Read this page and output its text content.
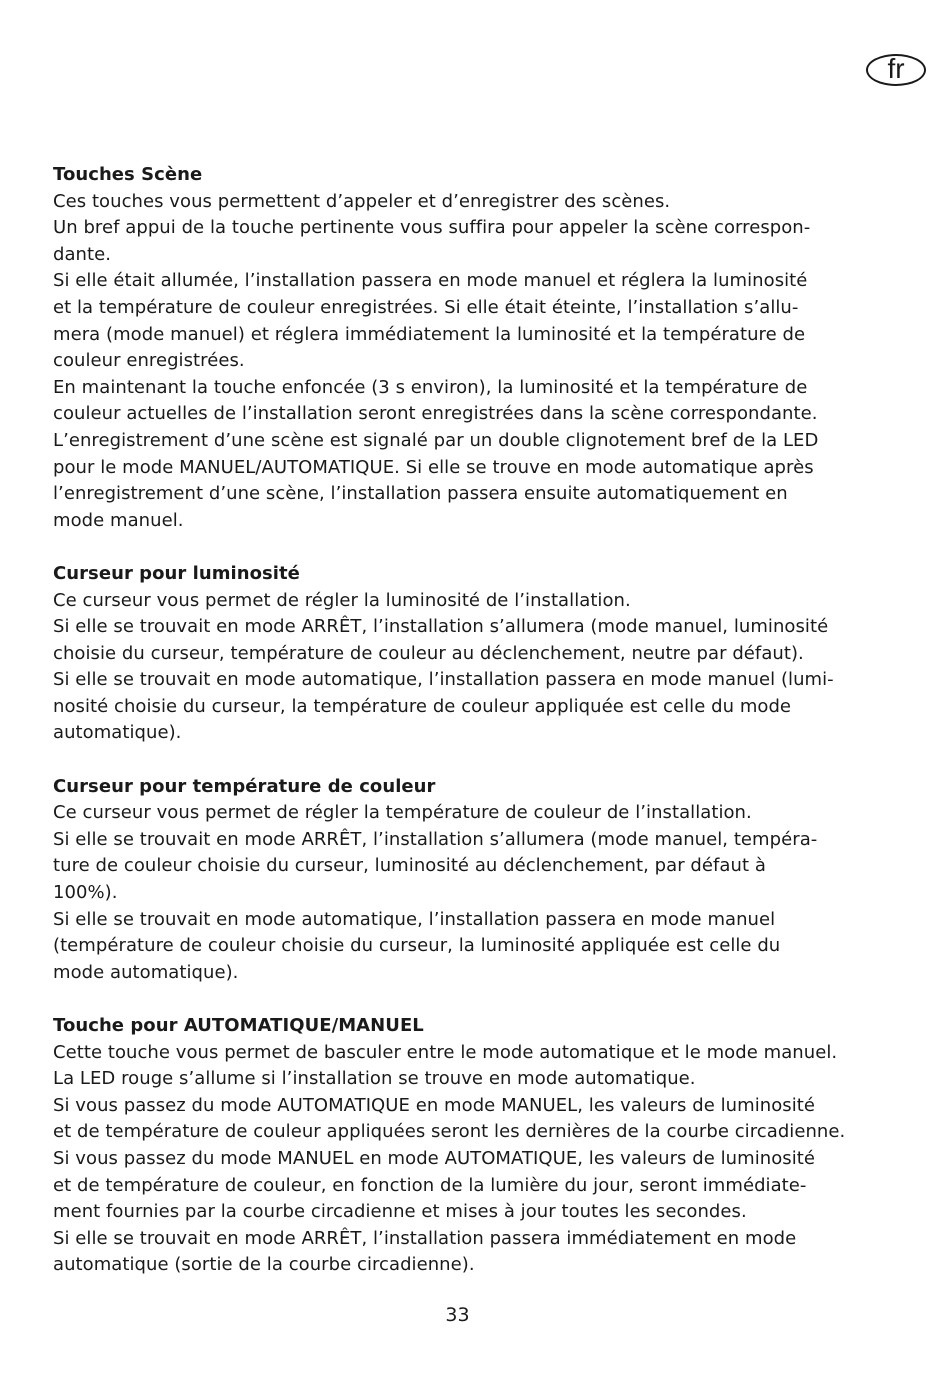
fr

Touches Scène

Ces touches vous permettent d’appeler et d’enregistrer des scènes.

Un bref appui de la touche pertinente vous suffira pour appeler la scène correspon-

dante.

Si elle était allumée, l’installation passera en mode manuel et réglera la luminosité

et la température de couleur enregistrées. Si elle était éteinte, l’installation s’allu-

mera (mode manuel) et réglera immédiatement la luminosité et la température de

couleur enregistrées.

En maintenant la touche enfoncée (3 s environ), la luminosité et la température de

couleur actuelles de l’installation seront enregistrées dans la scène correspondante.

L’enregistrement d’une scène est signalé par un double clignotement bref de la LED

pour le mode MANUEL/AUTOMATIQUE. Si elle se trouve en mode automatique après

l’enregistrement d’une scène, l’installation passera ensuite automatiquement en

mode manuel.

Curseur pour luminosité

Ce curseur vous permet de régler la luminosité de l’installation.

Si elle se trouvait en mode ARRÊT, l’installation s’allumera (mode manuel, luminosité

choisie du curseur, température de couleur au déclenchement, neutre par défaut).

Si elle se trouvait en mode automatique, l’installation passera en mode manuel (lumi-

nosité choisie du curseur, la température de couleur appliquée est celle du mode

automatique).

Curseur pour température de couleur

Ce curseur vous permet de régler la température de couleur de l’installation.

Si elle se trouvait en mode ARRÊT, l’installation s’allumera (mode manuel, tempéra-

ture de couleur choisie du curseur, luminosité au déclenchement, par défaut à

100%).

Si elle se trouvait en mode automatique, l’installation passera en mode manuel

(température de couleur choisie du curseur, la luminosité appliquée est celle du

mode automatique).

Touche pour AUTOMATIQUE/MANUEL

Cette touche vous permet de basculer entre le mode automatique et le mode manuel.

La LED rouge s’allume si l’installation se trouve en mode automatique.

Si vous passez du mode AUTOMATIQUE en mode MANUEL, les valeurs de luminosité

et de température de couleur appliquées seront les dernières de la courbe circadienne.

Si vous passez du mode MANUEL en mode AUTOMATIQUE, les valeurs de luminosité

et de température de couleur, en fonction de la lumière du jour, seront immédiate-

ment fournies par la courbe circadienne et mises à jour toutes les secondes.

Si elle se trouvait en mode ARRÊT, l’installation passera immédiatement en mode

automatique (sortie de la courbe circadienne).

33
